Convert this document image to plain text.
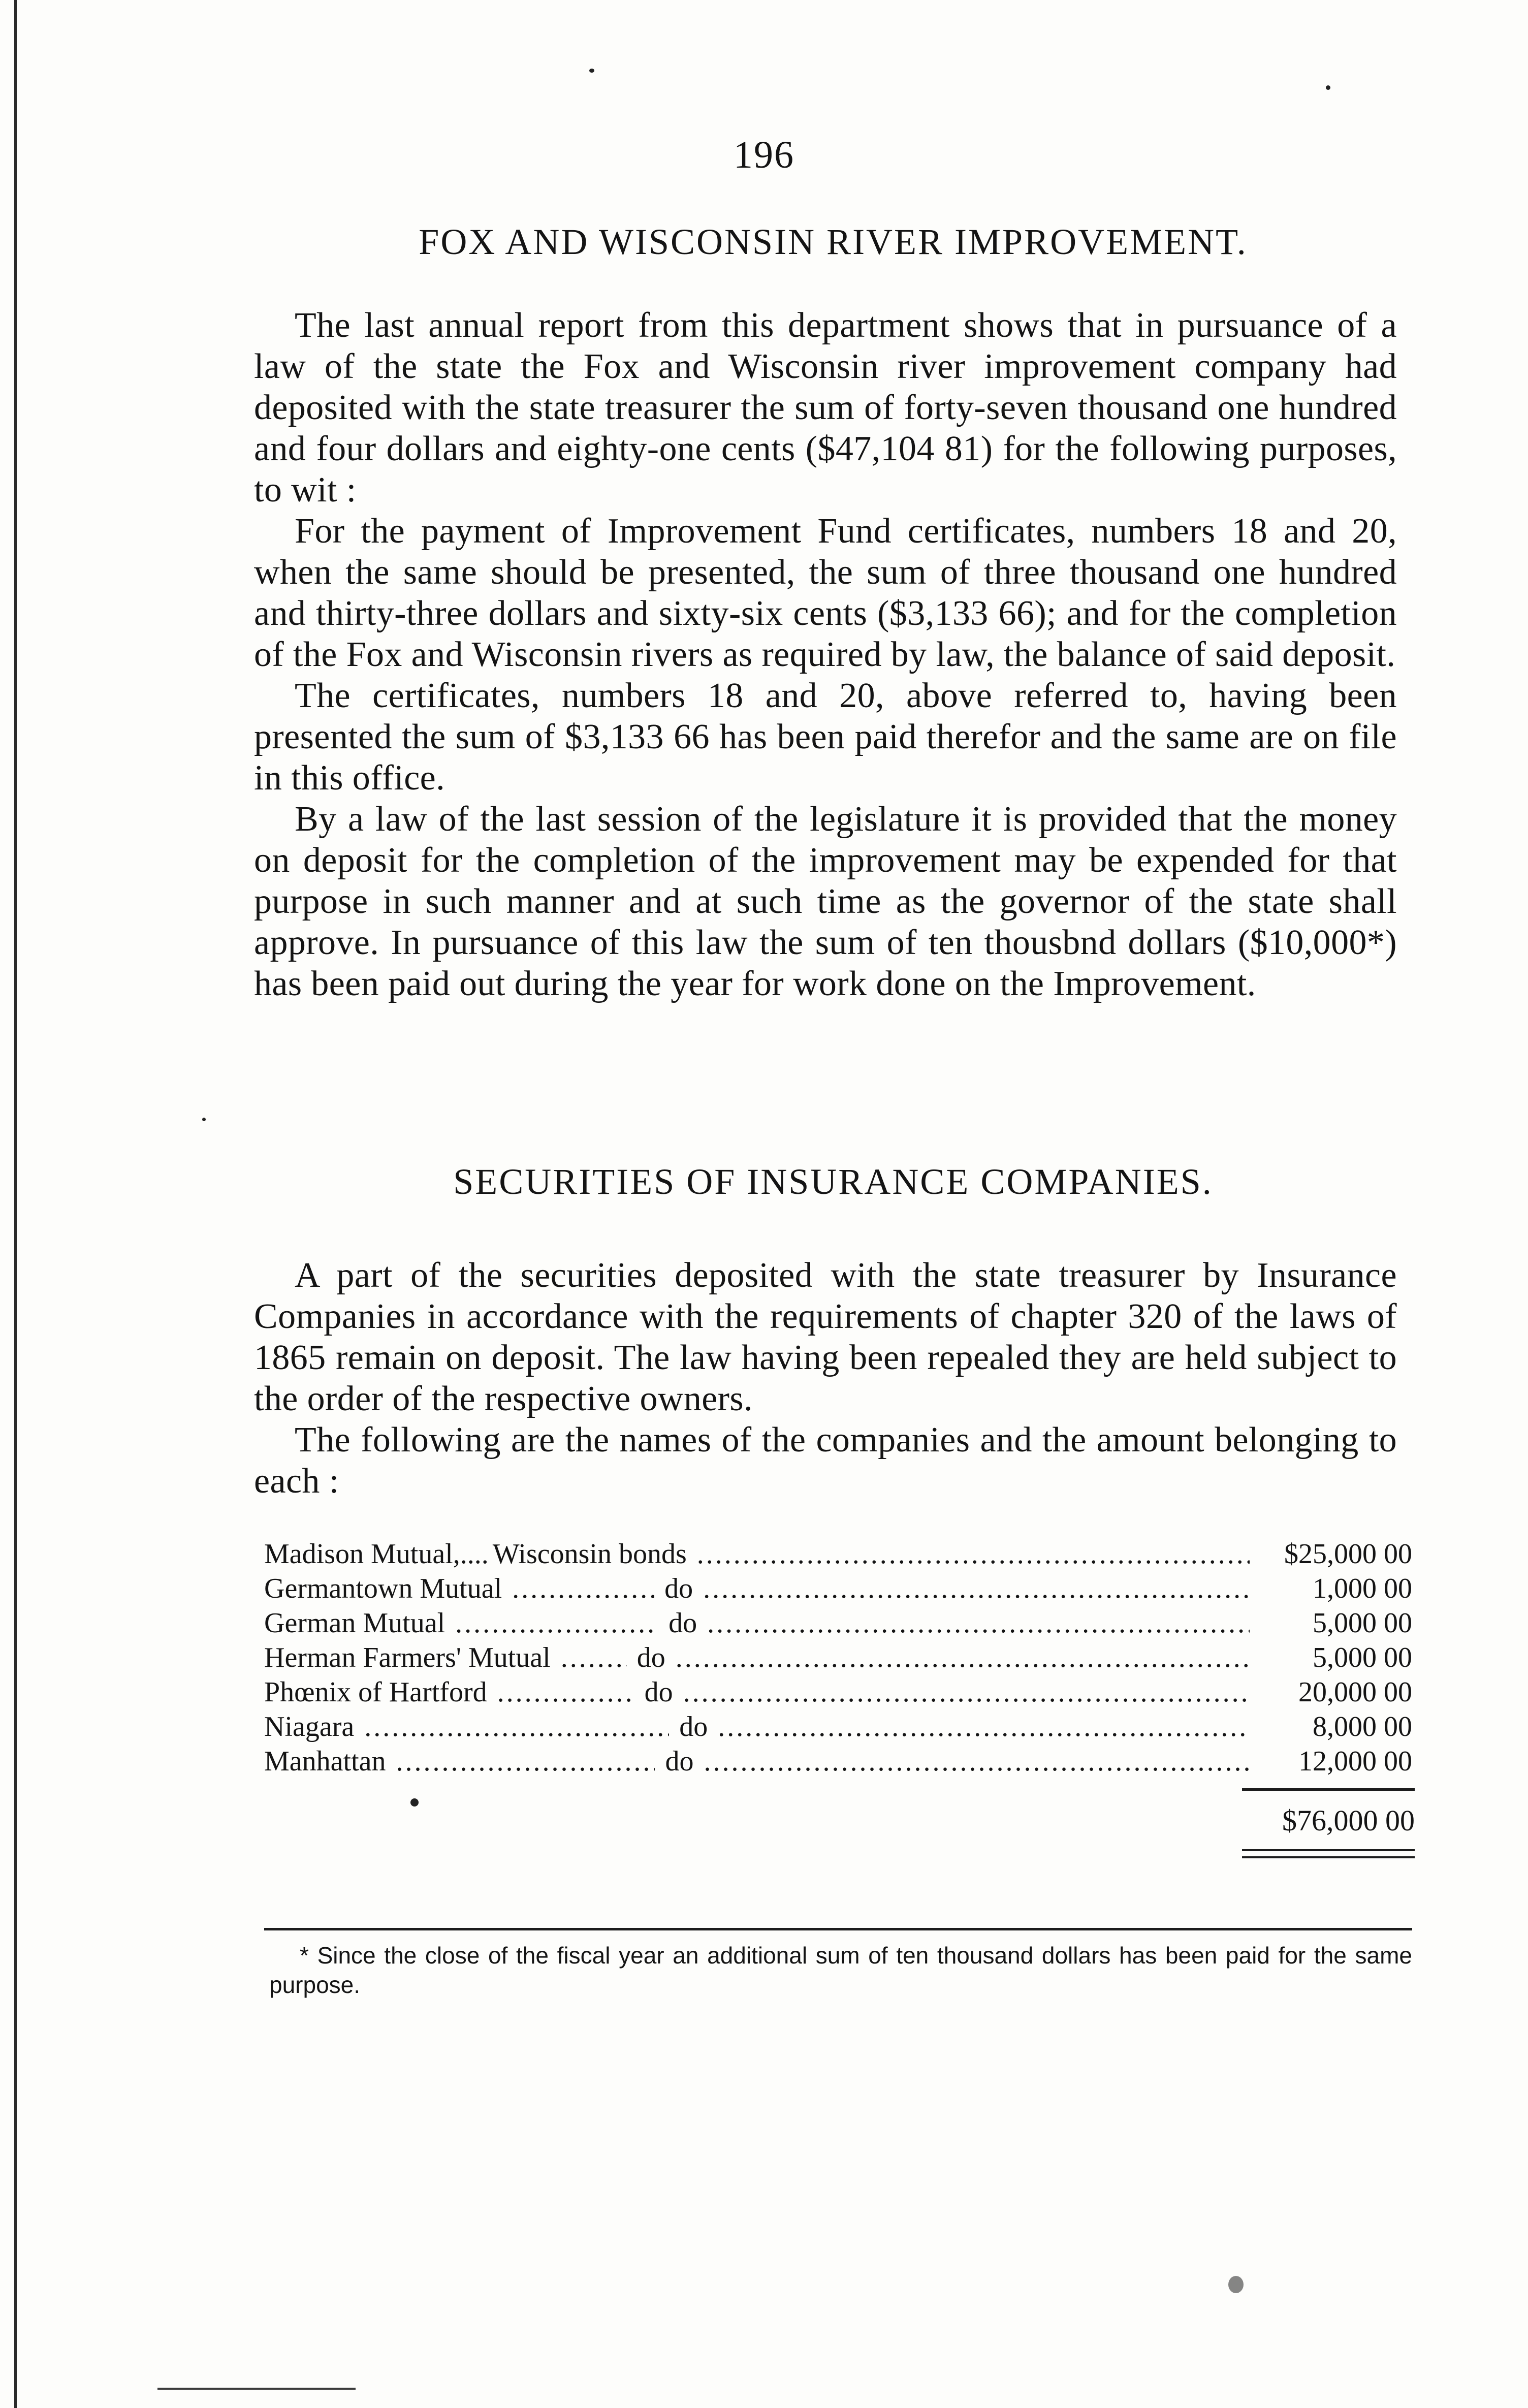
196
FOX AND WISCONSIN RIVER IMPROVEMENT.

The last annual report from this department shows that in pursuance of a law of the state the Fox and Wisconsin river improvement company had deposited with the state treasurer the sum of forty-seven thousand one hundred and four dollars and eighty-one cents ($47,104 81) for the following purposes, to wit :

For the payment of Improvement Fund certificates, numbers 18 and 20, when the same should be presented, the sum of three thousand one hundred and thirty-three dollars and sixty-six cents ($3,133 66); and for the completion of the Fox and Wisconsin rivers as required by law, the balance of said deposit.

The certificates, numbers 18 and 20, above referred to, having been presented the sum of $3,133 66 has been paid therefor and the same are on file in this office.

By a law of the last session of the legislature it is provided that the money on deposit for the completion of the improvement may be expended for that purpose in such manner and at such time as the governor of the state shall approve. In pursuance of this law the sum of ten thousbnd dollars ($10,000*) has been paid out during the year for work done on the Improvement.

SECURITIES OF INSURANCE COMPANIES.

A part of the securities deposited with the state treasurer by Insurance Companies in accordance with the requirements of chapter 320 of the laws of 1865 remain on deposit. The law having been repealed they are held subject to the order of the respective owners.

The following are the names of the companies and the amount belonging to each :

Madison Mutual,.... Wisconsin bonds .....	$25,000 00
Germantown Mutual .....	do .....	1,000 00
German Mutual .....	do .....	5,000 00
Herman Farmers' Mutual .....	do .....	5,000 00
Phœnix of Hartford .....	do .....	20,000 00
Niagara .....	do .....	8,000 00
Manhattan .....	do .....	12,000 00
$76,000 00
* Since the close of the fiscal year an additional sum of ten thousand dollars has been paid for the same purpose.
